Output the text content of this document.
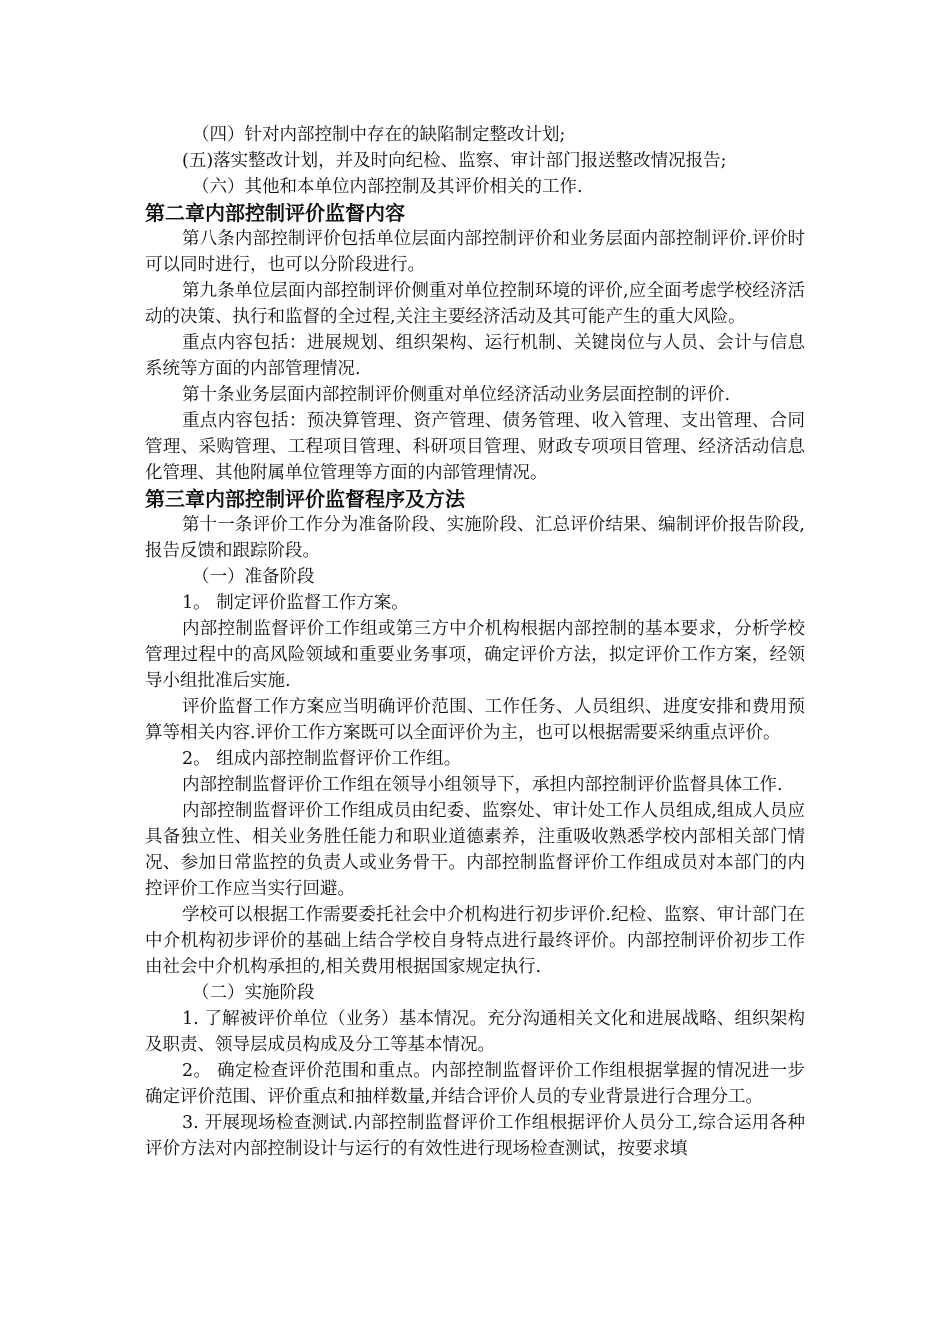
（四）针对内部控制中存在的缺陷制定整改计划;

(五)落实整改计划，并及时向纪检、监察、审计部门报送整改情况报告;

（六）其他和本单位内部控制及其评价相关的工作.

第二章内部控制评价监督内容

第八条内部控制评价包括单位层面内部控制评价和业务层面内部控制评价.评价时可以同时进行，也可以分阶段进行。

第九条单位层面内部控制评价侧重对单位控制环境的评价,应全面考虑学校经济活动的决策、执行和监督的全过程,关注主要经济活动及其可能产生的重大风险。

重点内容包括：进展规划、组织架构、运行机制、关键岗位与人员、会计与信息系统等方面的内部管理情况.

第十条业务层面内部控制评价侧重对单位经济活动业务层面控制的评价.

重点内容包括：预决算管理、资产管理、债务管理、收入管理、支出管理、合同管理、采购管理、工程项目管理、科研项目管理、财政专项项目管理、经济活动信息化管理、其他附属单位管理等方面的内部管理情况。

第三章内部控制评价监督程序及方法

第十一条评价工作分为准备阶段、实施阶段、汇总评价结果、编制评价报告阶段,报告反馈和跟踪阶段。

（一）准备阶段

1。 制定评价监督工作方案。

内部控制监督评价工作组或第三方中介机构根据内部控制的基本要求，分析学校管理过程中的高风险领域和重要业务事项，确定评价方法，拟定评价工作方案，经领导小组批准后实施.

评价监督工作方案应当明确评价范围、工作任务、人员组织、进度安排和费用预算等相关内容.评价工作方案既可以全面评价为主，也可以根据需要采纳重点评价。

2。 组成内部控制监督评价工作组。

内部控制监督评价工作组在领导小组领导下，承担内部控制评价监督具体工作.

内部控制监督评价工作组成员由纪委、监察处、审计处工作人员组成,组成人员应具备独立性、相关业务胜任能力和职业道德素养，注重吸收熟悉学校内部相关部门情况、参加日常监控的负责人或业务骨干。内部控制监督评价工作组成员对本部门的内控评价工作应当实行回避。

学校可以根据工作需要委托社会中介机构进行初步评价.纪检、监察、审计部门在中介机构初步评价的基础上结合学校自身特点进行最终评价。内部控制评价初步工作由社会中介机构承担的,相关费用根据国家规定执行.

（二）实施阶段

1. 了解被评价单位（业务）基本情况。充分沟通相关文化和进展战略、组织架构及职责、领导层成员构成及分工等基本情况。

2。 确定检查评价范围和重点。内部控制监督评价工作组根据掌握的情况进一步确定评价范围、评价重点和抽样数量,并结合评价人员的专业背景进行合理分工。

3. 开展现场检查测试.内部控制监督评价工作组根据评价人员分工,综合运用各种评价方法对内部控制设计与运行的有效性进行现场检查测试，按要求填
